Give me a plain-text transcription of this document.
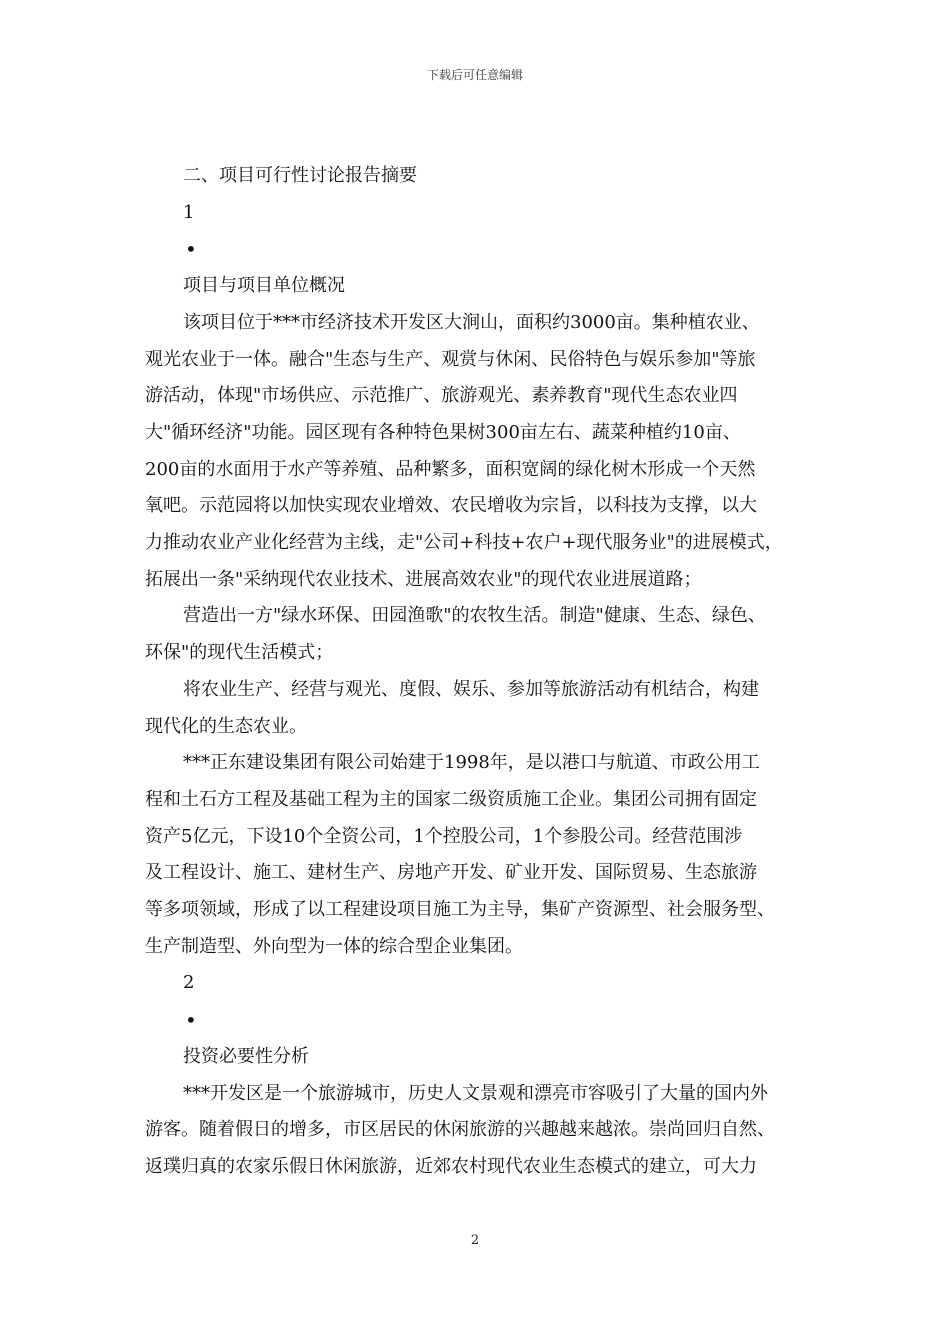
下载后可任意编辑

二、项目可行性讨论报告摘要

1

•

项目与项目单位概况

该项目位于***市经济技术开发区大涧山，面积约3000亩。集种植农业、

观光农业于一体。融合"生态与生产、观赏与休闲、民俗特色与娱乐参加"等旅

游活动，体现"市场供应、示范推广、旅游观光、素养教育"现代生态农业四

大"循环经济"功能。园区现有各种特色果树300亩左右、蔬菜种植约10亩、

200亩的水面用于水产等养殖、品种繁多，面积宽阔的绿化树木形成一个天然

氧吧。示范园将以加快实现农业增效、农民增收为宗旨，以科技为支撑，以大

力推动农业产业化经营为主线，走"公司+科技+农户+现代服务业"的进展模式，

拓展出一条"采纳现代农业技术、进展高效农业"的现代农业进展道路；

营造出一方"绿水环保、田园渔歌"的农牧生活。制造"健康、生态、绿色、

环保"的现代生活模式；

将农业生产、经营与观光、度假、娱乐、参加等旅游活动有机结合，构建

现代化的生态农业。

***正东建设集团有限公司始建于1998年，是以港口与航道、市政公用工

程和土石方工程及基础工程为主的国家二级资质施工企业。集团公司拥有固定

资产5亿元，下设10个全资公司，1个控股公司，1个参股公司。经营范围涉

及工程设计、施工、建材生产、房地产开发、矿业开发、国际贸易、生态旅游

等多项领域，形成了以工程建设项目施工为主导，集矿产资源型、社会服务型、

生产制造型、外向型为一体的综合型企业集团。

2

•

投资必要性分析

***开发区是一个旅游城市，历史人文景观和漂亮市容吸引了大量的国内外

游客。随着假日的增多，市区居民的休闲旅游的兴趣越来越浓。崇尚回归自然、

返璞归真的农家乐假日休闲旅游，近郊农村现代农业生态模式的建立，可大力

2
